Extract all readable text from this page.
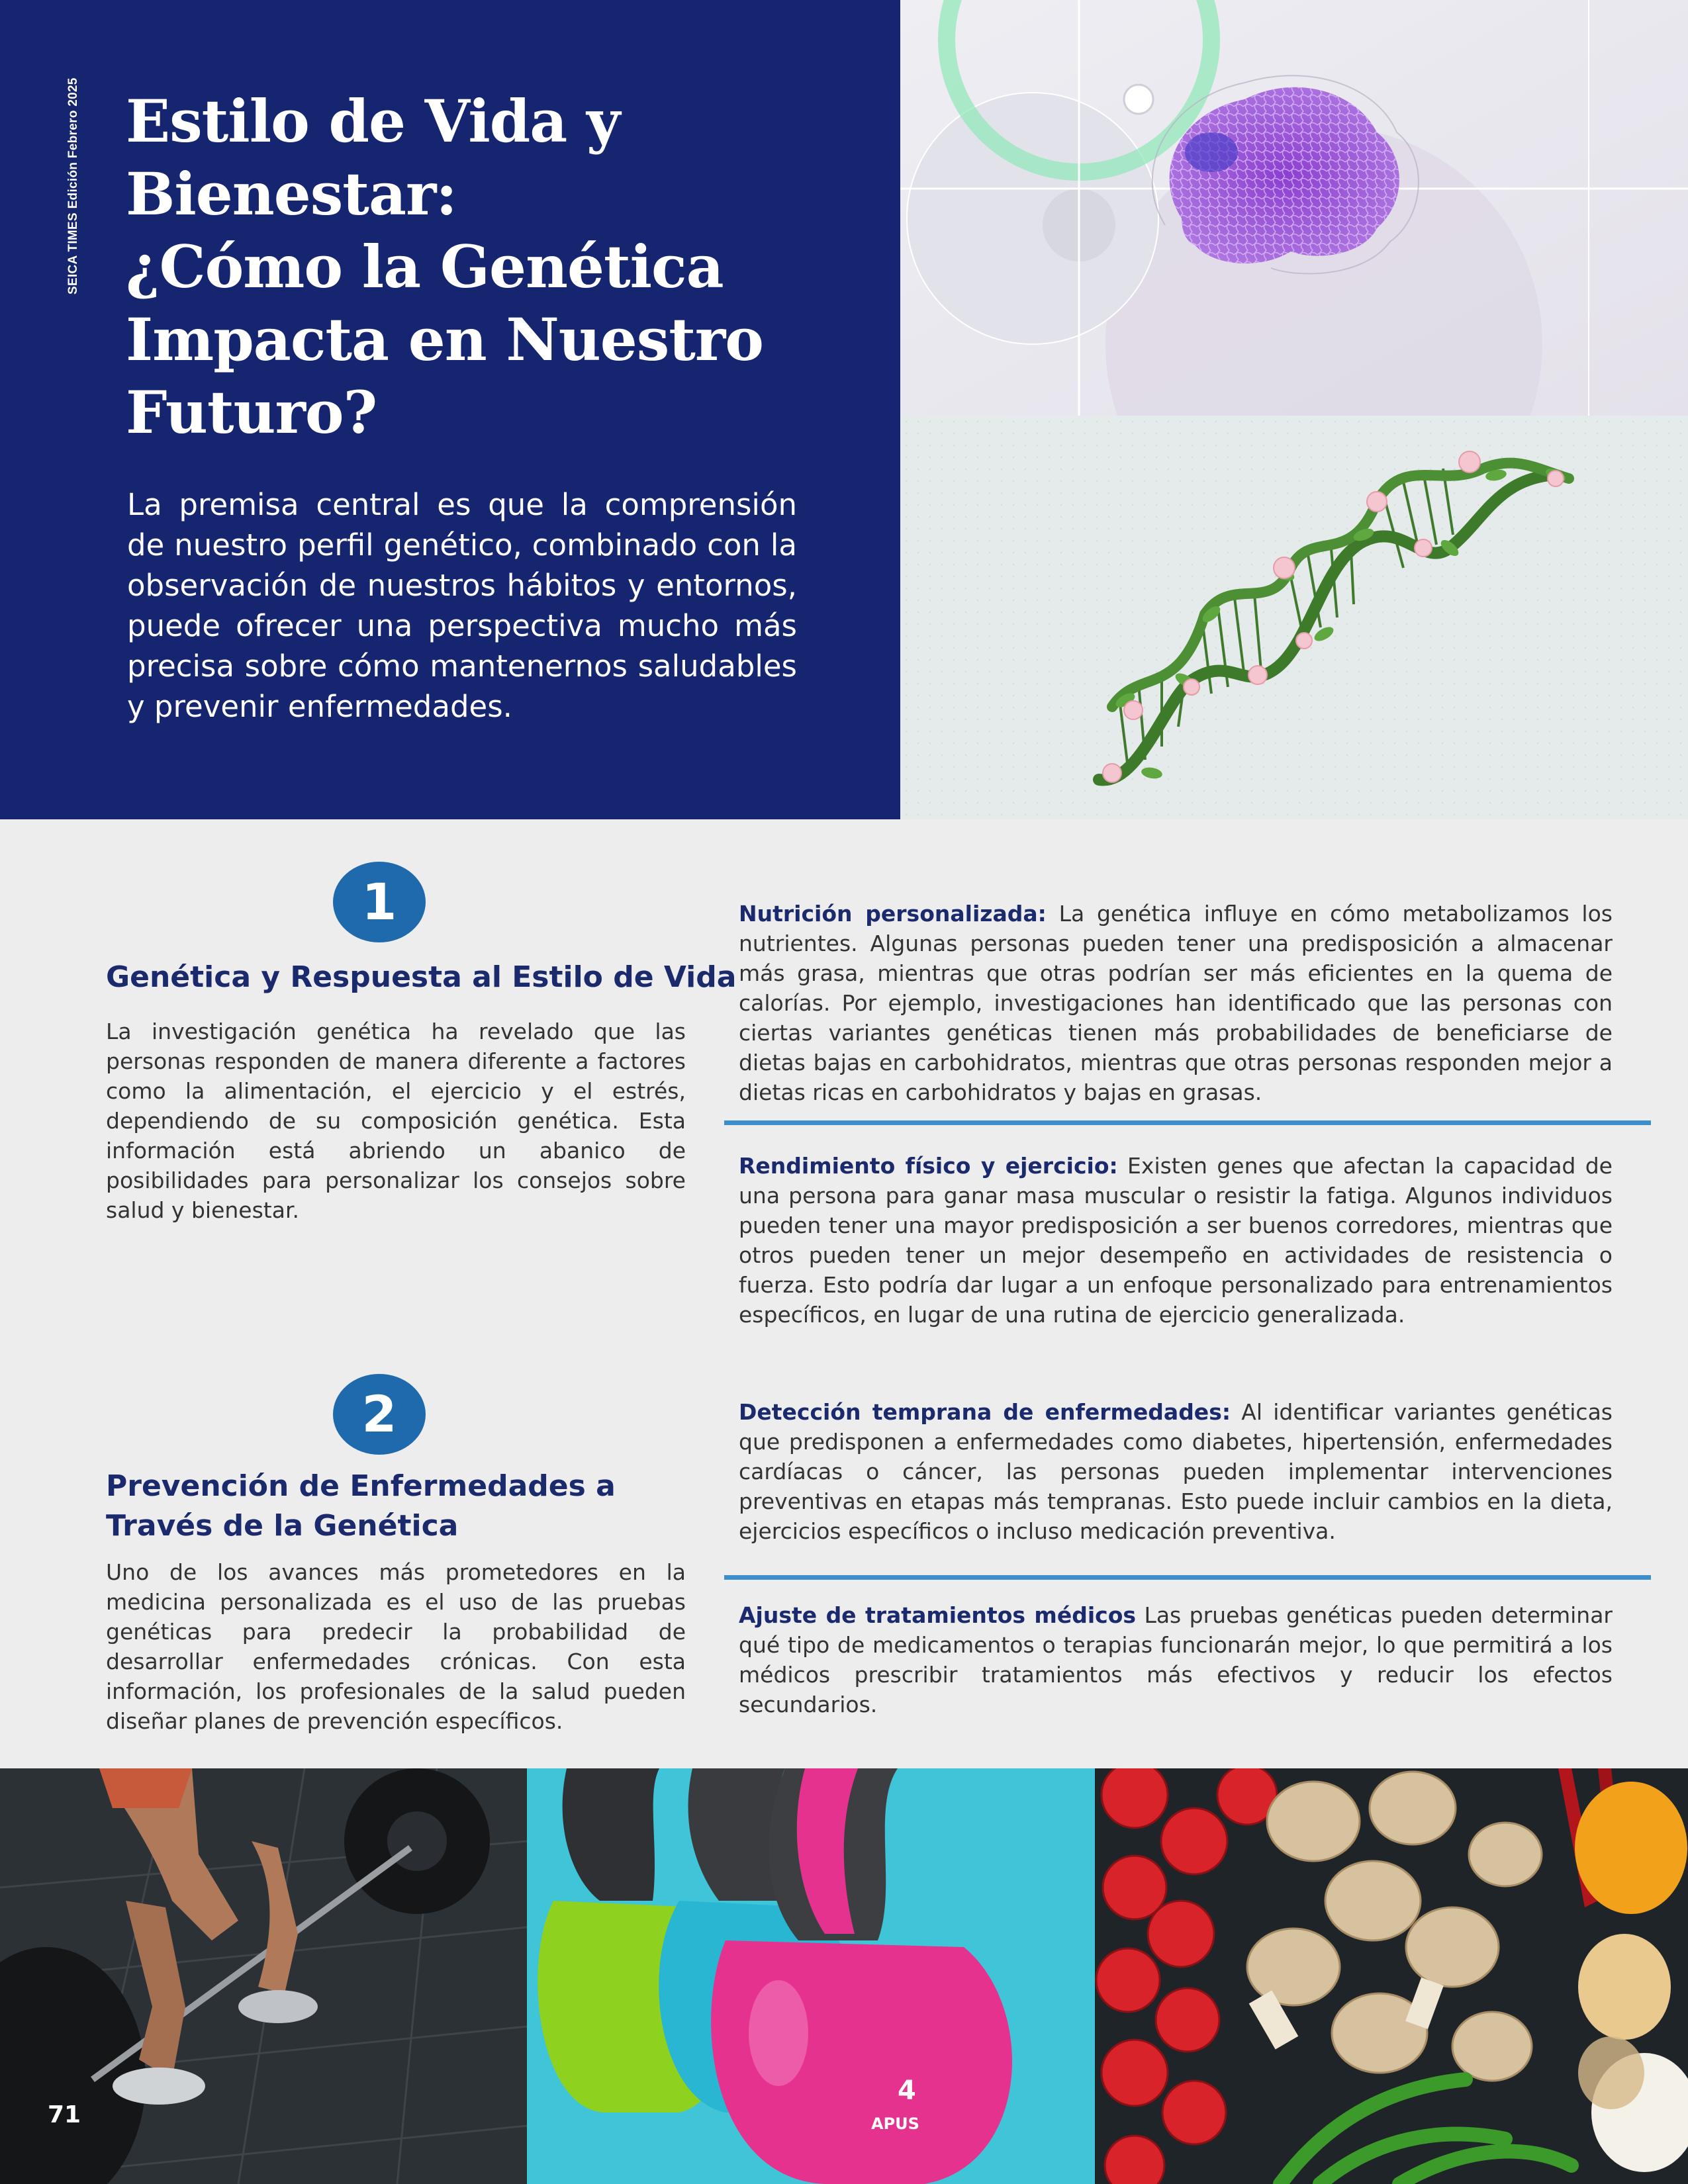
SEICA TIMES Edición Febrero 2025 Estilo de Vida y
Bienestar:
¿Cómo la Genética
Impacta en Nuestro
Futuro?

La premisa central es que la comprensión de nuestro perfil genético, combinado con la observación de nuestros hábitos y entornos, puede ofrecer una perspectiva mucho más precisa sobre cómo mantenernos saludables y prevenir enfermedades.

1
Genética y Respuesta al Estilo de Vida

La investigación genética ha revelado que las personas responden de manera diferente a factores como la alimentación, el ejercicio y el estrés, dependiendo de su composición genética. Esta información está abriendo un abanico de posibilidades para personalizar los consejos sobre salud y bienestar.

2
Prevención de Enfermedades a
Través de la Genética

Uno de los avances más prometedores en la medicina personalizada es el uso de las pruebas genéticas para predecir la probabilidad de desarrollar enfermedades crónicas. Con esta información, los profesionales de la salud pueden diseñar planes de prevención específicos.

Nutrición personalizada: La genética influye en cómo metabolizamos los nutrientes. Algunas personas pueden tener una predisposición a almacenar más grasa, mientras que otras podrían ser más eficientes en la quema de calorías. Por ejemplo, investigaciones han identificado que las personas con ciertas variantes genéticas tienen más probabilidades de beneficiarse de dietas bajas en carbohidratos, mientras que otras personas responden mejor a dietas ricas en carbohidratos y bajas en grasas.

Rendimiento físico y ejercicio: Existen genes que afectan la capacidad de una persona para ganar masa muscular o resistir la fatiga. Algunos individuos pueden tener una mayor predisposición a ser buenos corredores, mientras que otros pueden tener un mejor desempeño en actividades de resistencia o fuerza. Esto podría dar lugar a un enfoque personalizado para entrenamientos específicos, en lugar de una rutina de ejercicio generalizada.

Detección temprana de enfermedades: Al identificar variantes genéticas que predisponen a enfermedades como diabetes, hipertensión, enfermedades cardíacas o cáncer, las personas pueden implementar intervenciones preventivas en etapas más tempranas. Esto puede incluir cambios en la dieta, ejercicios específicos o incluso medicación preventiva.

Ajuste de tratamientos médicos Las pruebas genéticas pueden determinar qué tipo de medicamentos o terapias funcionarán mejor, lo que permitirá a los médicos prescribir tratamientos más efectivos y reducir los efectos secundarios.

4
APUS
71
